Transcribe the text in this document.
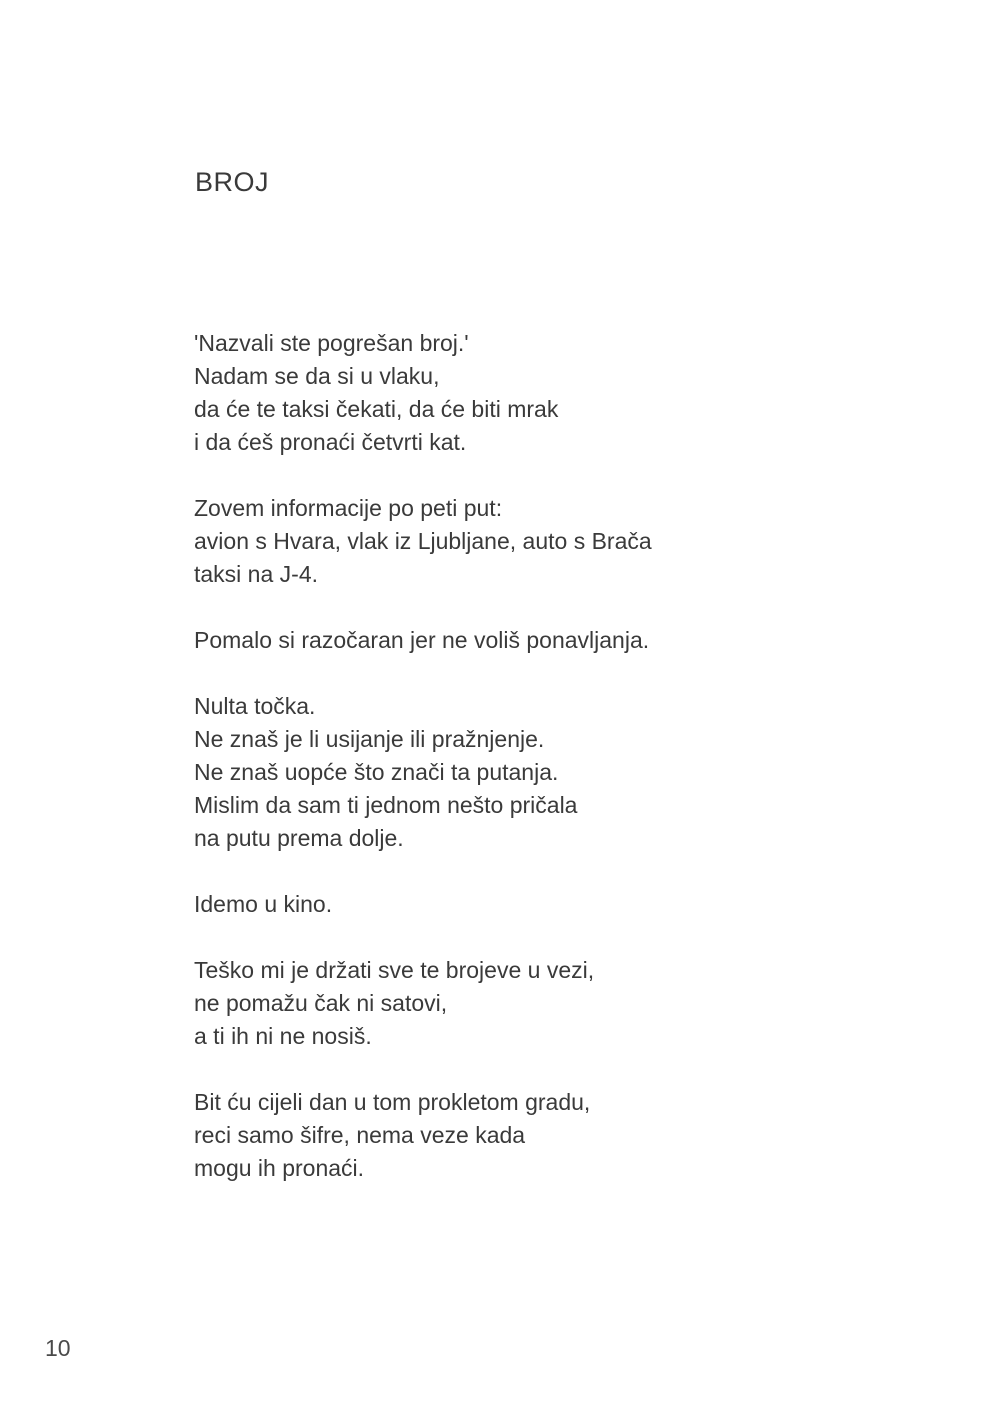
BROJ
'Nazvali ste pogrešan broj.'
Nadam se da si u vlaku,
da će te taksi čekati, da će biti mrak
i da ćeš pronaći četvrti kat.
Zovem informacije po peti put:
avion s Hvara, vlak iz Ljubljane, auto s Brača
taksi na J-4.
Pomalo si razočaran jer ne voliš ponavljanja.
Nulta točka.
Ne znaš je li usijanje ili pražnjenje.
Ne znaš uopće što znači ta putanja.
Mislim da sam ti jednom nešto pričala
na putu prema dolje.
Idemo u kino.
Teško mi je držati sve te brojeve u vezi,
ne pomažu čak ni satovi,
a ti ih ni ne nosiš.
Bit ću cijeli dan u tom prokletom gradu,
reci samo šifre, nema veze kada
mogu ih pronaći.
10
